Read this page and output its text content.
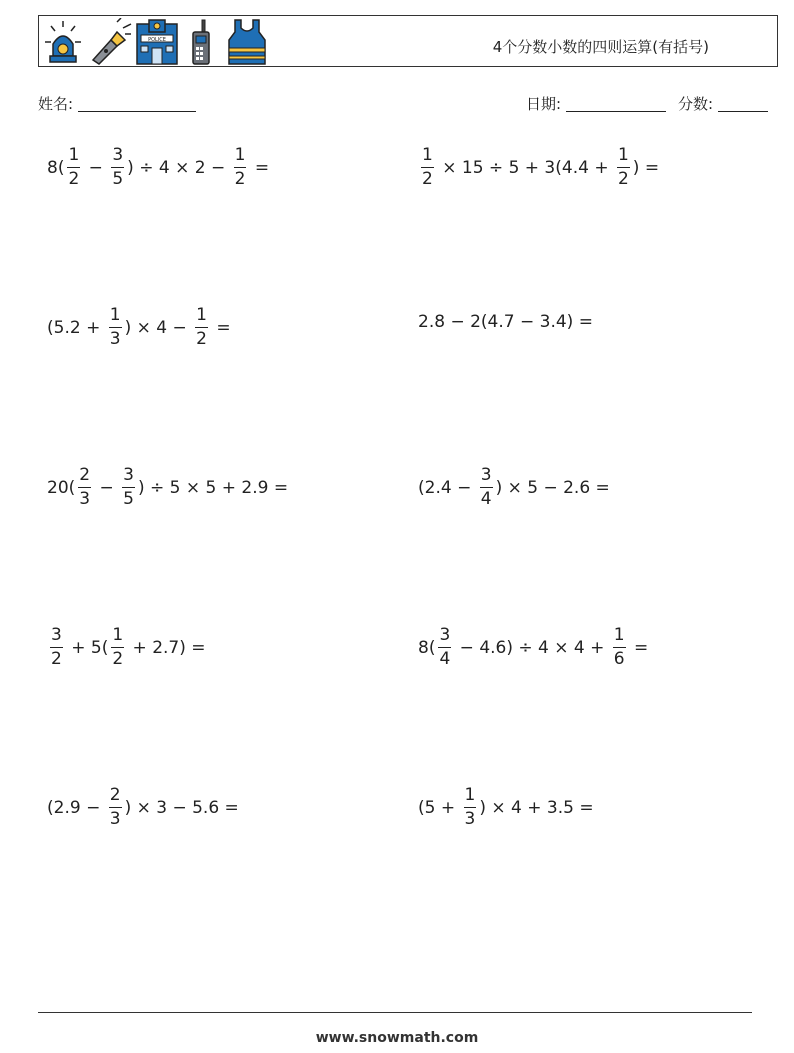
POLICE	4个分数小数的四则运算(有括号)
姓名:	日期:	分数:
$8( \frac{1}{2} - \frac{3}{5}$ ) ÷ $4 \times 2 - \frac{1}{2}$ =	$\frac{1}{2} \times 15 \div 5 + 3(4.4 + \frac{1}{2}$ ) =
($5.2 + \frac{1}{3}$ ) × $4 - \frac{1}{2}$ =	2.8 − 2(4.7 − 3.4) =
$20( \frac{2}{3} - \frac{3}{5}$ ) ÷ 5 × 5 + 2.9 =	($2.4 - \frac{3}{4}$ ) × 5 − 2.6 =
$\frac{3}{2} + 5( \frac{1}{2} + 2.7)$ =	$8( \frac{3}{4} - 4.6) \div 4 \times 4 + \frac{1}{6}$ =
($2.9 - \frac{2}{3}$ ) × 3 − 5.6 =	($5 + \frac{1}{3}$ ) × 4 + 3.5 =
www.snowmath.com
